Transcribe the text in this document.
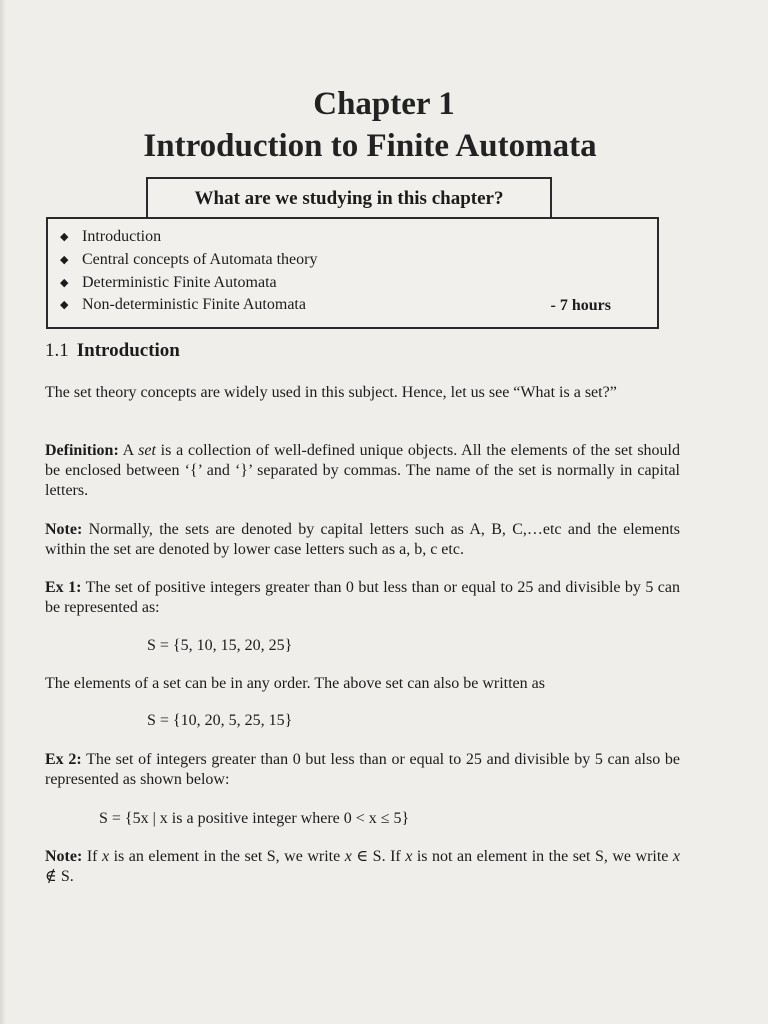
Chapter 1
Introduction to Finite Automata
What are we studying in this chapter?
◆ Introduction
◆ Central concepts of Automata theory
◆ Deterministic Finite Automata
◆ Non-deterministic Finite Automata	- 7 hours
1.1 Introduction
The set theory concepts are widely used in this subject. Hence, let us see “What is a set?”
Definition: A set is a collection of well-defined unique objects. All the elements of the set should be enclosed between ‘{’ and ‘}’ separated by commas. The name of the set is normally in capital letters.
Note: Normally, the sets are denoted by capital letters such as A, B, C,…etc and the elements within the set are denoted by lower case letters such as a, b, c etc.
Ex 1: The set of positive integers greater than 0 but less than or equal to 25 and divisible by 5 can be represented as:
S = {5, 10, 15, 20, 25}
The elements of a set can be in any order. The above set can also be written as
S = {10, 20, 5, 25, 15}
Ex 2: The set of integers greater than 0 but less than or equal to 25 and divisible by 5 can also be represented as shown below:
S = {5x | x is a positive integer where 0 < x ≤ 5}
Note: If x is an element in the set S, we write x ∈ S. If x is not an element in the set S, we write x ∉ S.
